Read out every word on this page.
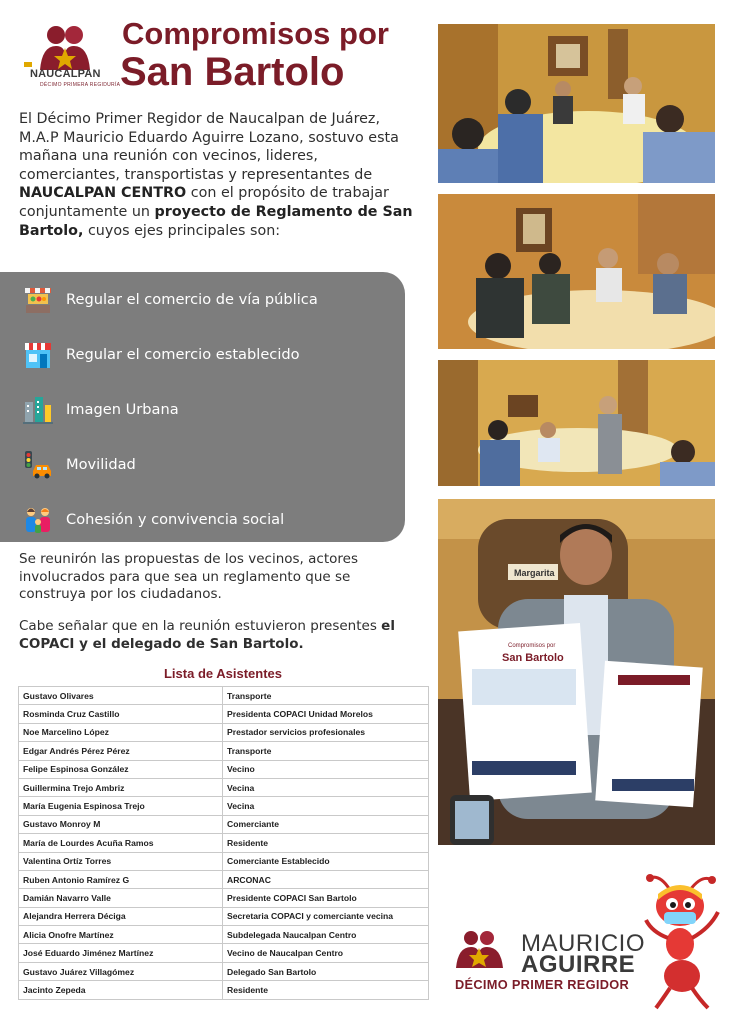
NAUCALPAN
DÉCIMO PRIMERA REGIDURÍA
Compromisos por
San Bartolo
El Décimo Primer Regidor de Naucalpan de Juárez, M.A.P Mauricio Eduardo Aguirre Lozano, sostuvo esta mañana una reunión con vecinos, lideres, comerciantes, transportistas y representantes de NAUCALPAN CENTRO con el propósito de trabajar conjuntamente un proyecto de Reglamento de San Bartolo, cuyos ejes principales son:
Regular el comercio de vía pública
Regular el comercio establecido
Imagen Urbana
Movilidad
Cohesión y convivencia social
Se reunirón las propuestas de los vecinos, actores involucrados para que sea un reglamento que se construya por los ciudadanos.
Cabe señalar que en la reunión estuvieron presentes el COPACI y el delegado de San Bartolo.
Lista de Asistentes
Gustavo Olivares	Transporte
Rosminda Cruz Castillo	Presidenta COPACI Unidad Morelos
Noe Marcelino López	Prestador servicios profesionales
Edgar Andrés Pérez Pérez	Transporte
Felipe Espinosa González	Vecino
Guillermina Trejo Ambriz	Vecina
María Eugenia Espinosa Trejo	Vecina
Gustavo Monroy M	Comerciante
María de Lourdes Acuña Ramos	Residente
Valentina Ortíz Torres	Comerciante Establecido
Ruben Antonio Ramírez G	ARCONAC
Damián Navarro Valle	Presidente COPACI San Bartolo
Alejandra Herrera Déciga	Secretaria COPACI y comerciante vecina
Alicia Onofre Martínez	Subdelegada Naucalpan Centro
José Eduardo Jiménez Martínez	Vecino de Naucalpan Centro
Gustavo Juárez Villagómez	Delegado San Bartolo
Jacinto Zepeda	Residente
Margarita
Compromisos por
San Bartolo
MAURICIO
AGUIRRE
DÉCIMO PRIMER REGIDOR
